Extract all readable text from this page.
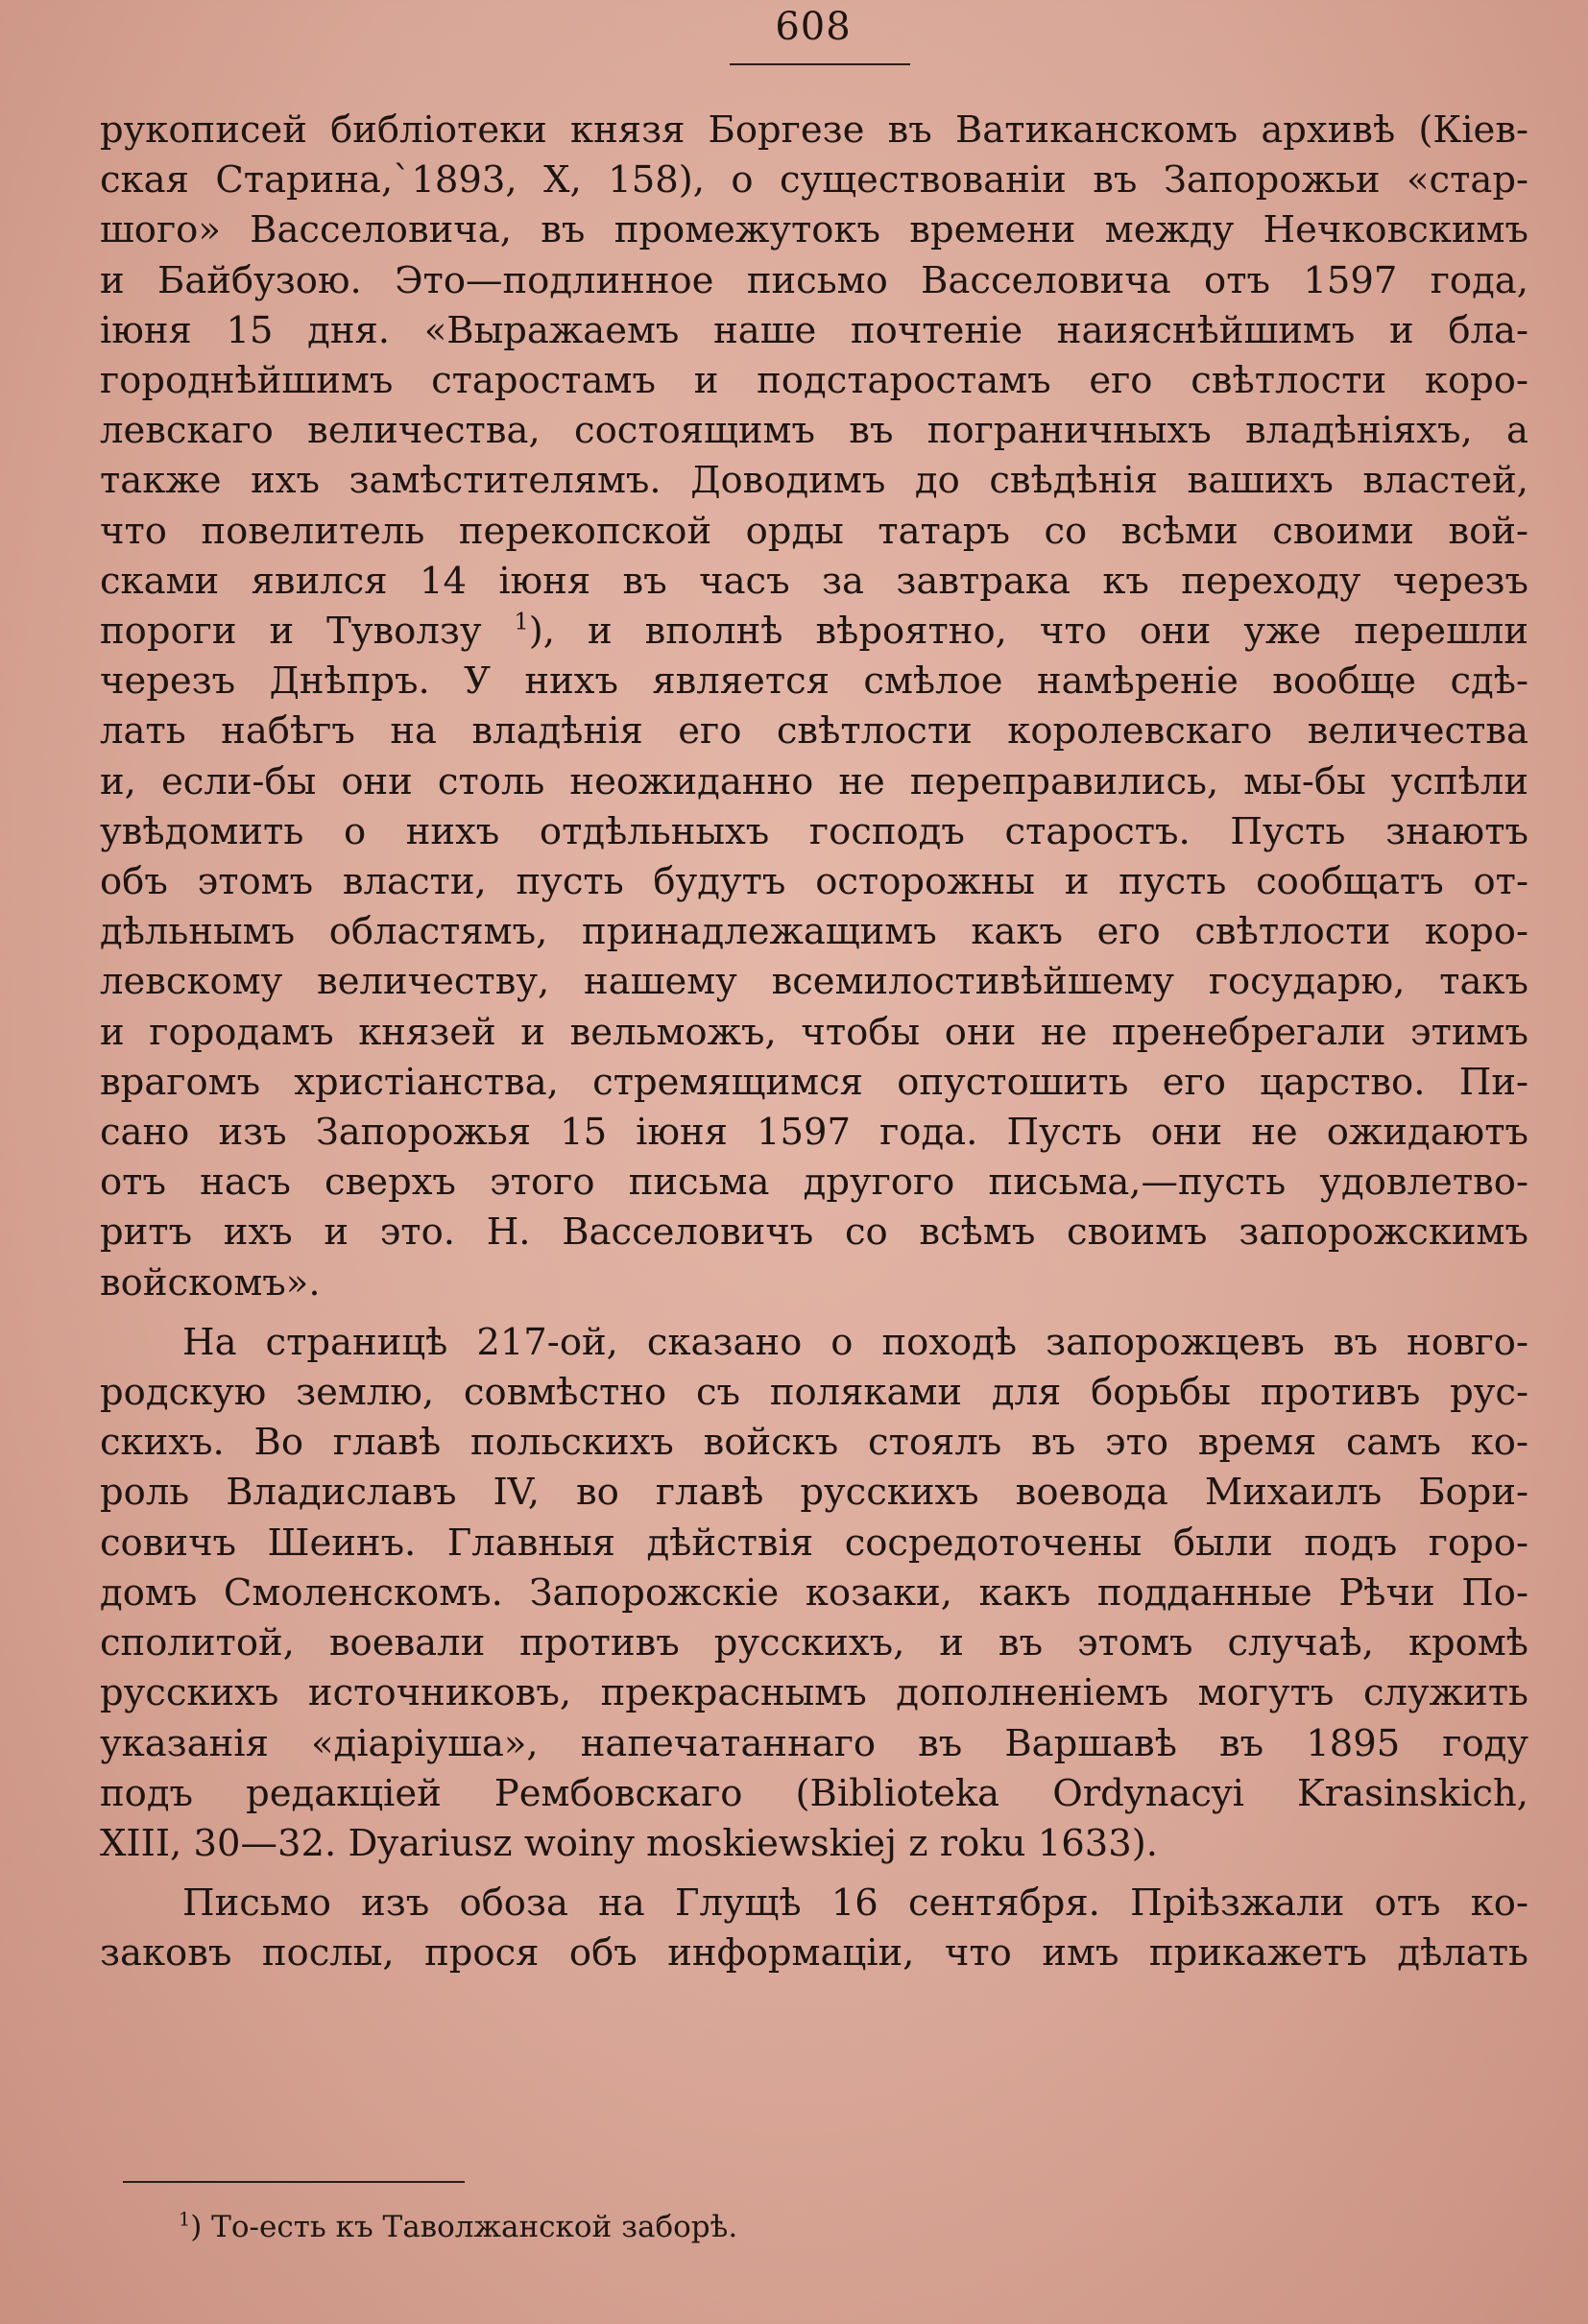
608

рукописей библіотеки князя Боргезе въ Ватиканскомъ архивѣ (Кіев-
ская Старина,`1893, X, 158), о существованіи въ Запорожьи «стар-
шого» Васселовича, въ промежутокъ времени между Нечковскимъ
и Байбузою. Это—подлинное письмо Васселовича отъ 1597 года,
іюня 15 дня. «Выражаемъ наше почтеніе наияснѣйшимъ и бла-
городнѣйшимъ старостамъ и подстаростамъ его свѣтлости коро-
левскаго величества, состоящимъ въ пограничныхъ владѣніяхъ, а
также ихъ замѣстителямъ. Доводимъ до свѣдѣнія вашихъ властей,
что повелитель перекопской орды татаръ со всѣми своими вой-
сками явился 14 іюня въ часъ за завтрака къ переходу черезъ
пороги и Туволзу $^1$), и вполнѣ вѣроятно, что они уже перешли
черезъ Днѣпръ. У нихъ является смѣлое намѣреніе вообще сдѣ-
лать набѣгъ на владѣнія его свѣтлости королевскаго величества
и, если-бы они столь неожиданно не переправились, мы-бы успѣли
увѣдомить о нихъ отдѣльныхъ господъ старостъ. Пусть знаютъ
объ этомъ власти, пусть будутъ осторожны и пусть сообщатъ от-
дѣльнымъ областямъ, принадлежащимъ какъ его свѣтлости коро-
левскому величеству, нашему всемилостивѣйшему государю, такъ
и городамъ князей и вельможъ, чтобы они не пренебрегали этимъ
врагомъ христіанства, стремящимся опустошить его царство. Пи-
сано изъ Запорожья 15 іюня 1597 года. Пусть они не ожидаютъ
отъ насъ сверхъ этого письма другого письма,—пусть удовлетво-
ритъ ихъ и это. Н. Васселовичъ со всѣмъ своимъ запорожскимъ
войскомъ».

На страницѣ 217-ой, сказано о походѣ запорожцевъ въ новго-
родскую землю, совмѣстно съ поляками для борьбы противъ рус-
скихъ. Во главѣ польскихъ войскъ стоялъ въ это время самъ ко-
роль Владиславъ IV, во главѣ русскихъ воевода Михаилъ Бори-
совичъ Шеинъ. Главныя дѣйствія сосредоточены были подъ горо-
домъ Смоленскомъ. Запорожскіе козаки, какъ подданные Рѣчи По-
сполитой, воевали противъ русскихъ, и въ этомъ случаѣ, кромѣ
русскихъ источниковъ, прекраснымъ дополненіемъ могутъ служить
указанія «діаріуша», напечатаннаго въ Варшавѣ въ 1895 году
подъ редакціей Рембовскаго (Biblioteka Ordynacyi Krasinskich,
XIII, 30—32. Dyariusz woiny moskiewskiej z roku 1633).

Письмо изъ обоза на Глущѣ 16 сентября. Пріѣзжали отъ ко-
заковъ послы, прося объ информаціи, что имъ прикажетъ дѣлать

$^1$) То-есть къ Таволжанской заборѣ.
